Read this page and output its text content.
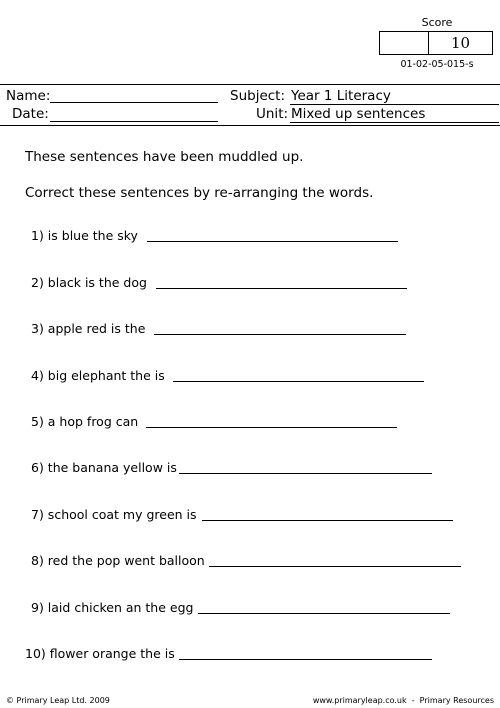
Score
10
01-02-05-015-s
Name:
Date:
Subject: Year 1 Literacy
Unit: Mixed up sentences
These sentences have been muddled up.
Correct these sentences by re-arranging the words.
1) is blue the sky
2) black is the dog
3) apple red is the
4) big elephant the is
5) a hop frog can
6) the banana yellow is
7) school coat my green is
8) red the pop went balloon
9) laid chicken an the egg
10) flower orange the is
© Primary Leap Ltd. 2009	www.primaryleap.co.uk  -  Primary Resources
